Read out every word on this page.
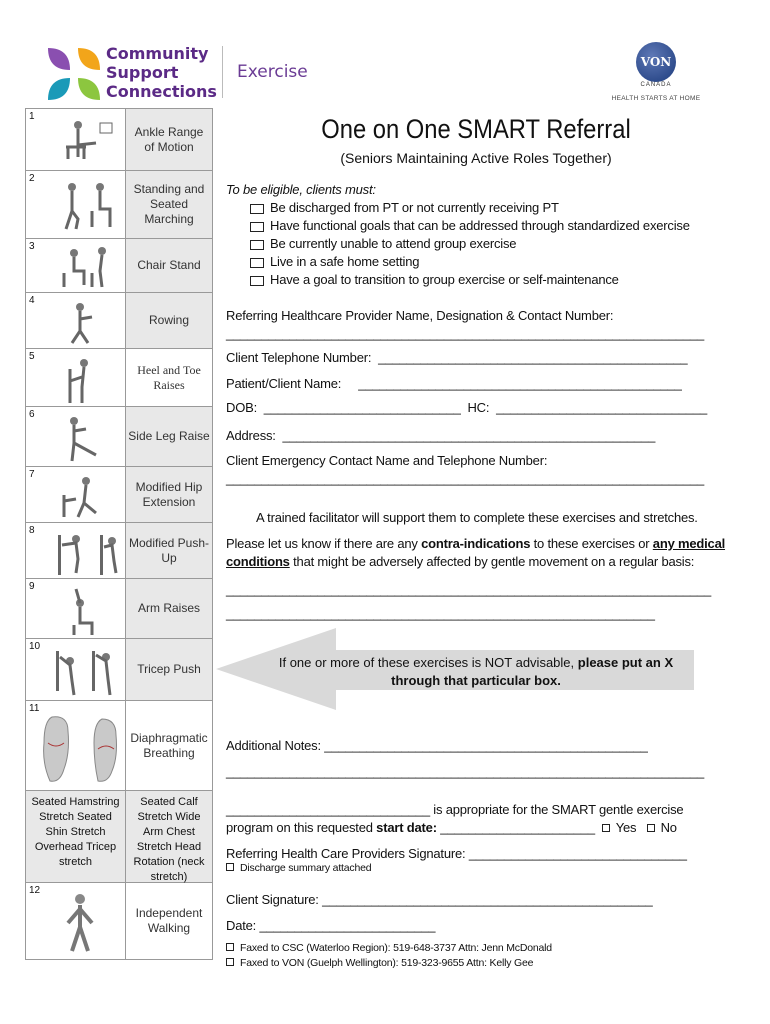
Community
Support
Connections
Exercise	VON
CANADA
HEALTH STARTS AT HOME
1
Ankle Range of Motion
2
Standing and Seated Marching
3
Chair Stand
4
Rowing
5
Heel and Toe Raises
6
Side Leg Raise
7
Modified Hip Extension
8
Modified Push-Up
9
Arm Raises
10
Tricep Push
11
Diaphragmatic Breathing
Seated Hamstring Stretch Seated Shin Stretch Overhead Tricep stretch
Seated Calf Stretch Wide Arm Chest Stretch Head Rotation (neck stretch)
12
Independent Walking
One on One SMART Referral
(Seniors Maintaining Active Roles Together)
To be eligible, clients must:
Be discharged from PT or not currently receiving PT
Have functional goals that can be addressed through standardized exercise
Be currently unable to attend group exercise
Live in a safe home setting
Have a goal to transition to group exercise or self-maintenance
Referring Healthcare Provider Name, Designation & Contact Number:
____________________________________________________________________
Client Telephone Number:  ____________________________________________
Patient/Client Name:     ______________________________________________
DOB:  ____________________________  HC:  ______________________________
Address:  _____________________________________________________
Client Emergency Contact Name and Telephone Number:
____________________________________________________________________
A trained facilitator will support them to complete these exercises and stretches.
Please let us know if there are any contra-indications to these exercises or any medical
conditions that might be adversely affected by gentle movement on a regular basis:
_____________________________________________________________________
_____________________________________________________________
If one or more of these exercises is NOT advisable, please put an X
through that particular box.
Additional Notes: ______________________________________________
____________________________________________________________________
_____________________________ is appropriate for the SMART gentle exercise
program on this requested start date: ______________________  Yes No
Referring Health Care Providers Signature: _______________________________
Discharge summary attached
Client Signature: _______________________________________________
Date: _________________________
Faxed to CSC (Waterloo Region): 519-648-3737 Attn: Jenn McDonald
Faxed to VON (Guelph Wellington): 519-323-9655 Attn: Kelly Gee
